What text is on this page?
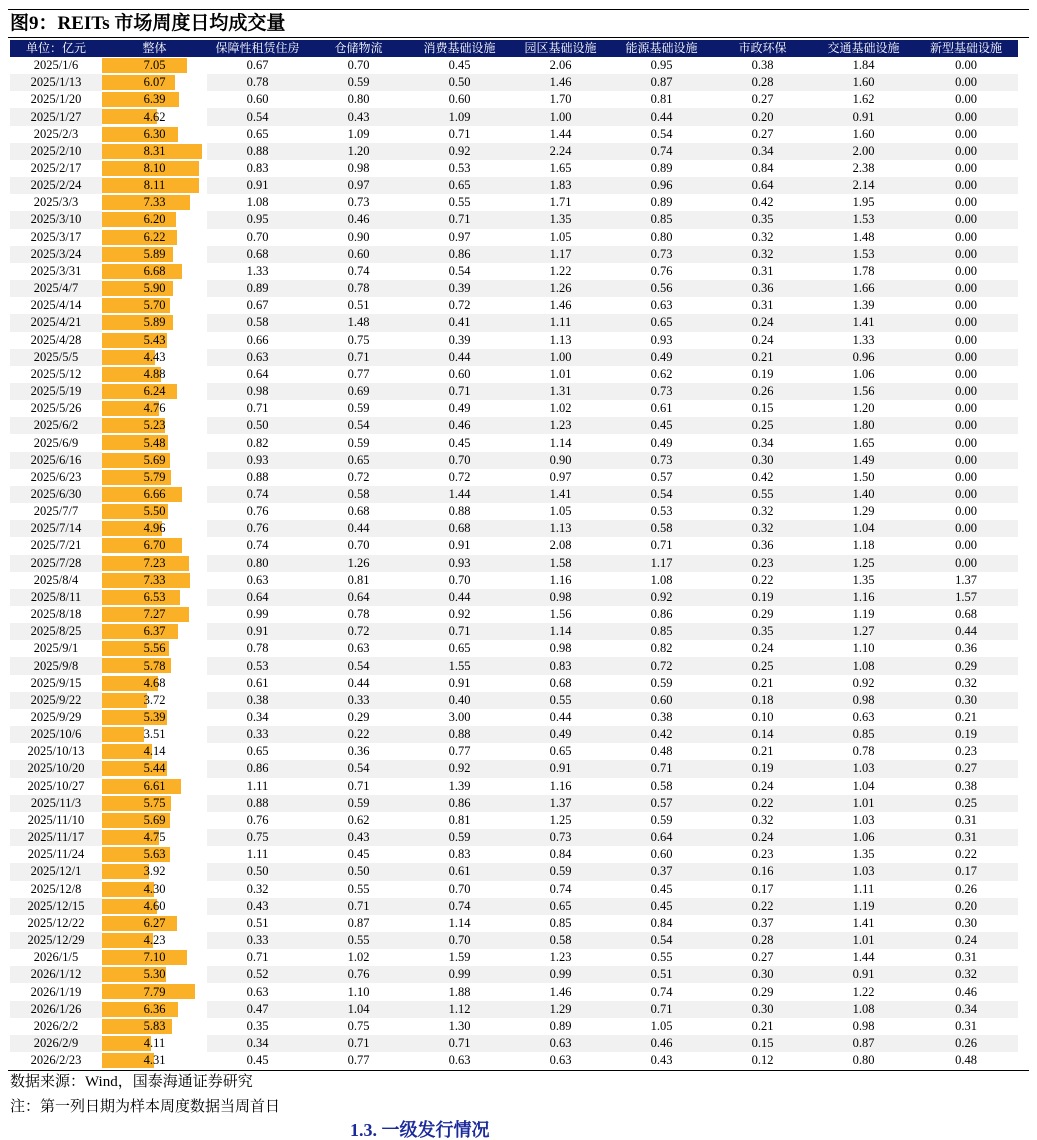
图9：REITs 市场周度日均成交量
单位：亿元	整体	保障性租赁住房	仓储物流	消费基础设施	园区基础设施	能源基础设施	市政环保	交通基础设施	新型基础设施
2025/1/6	7.05	0.67	0.70	0.45	2.06	0.95	0.38	1.84	0.00
2025/1/13	6.07	0.78	0.59	0.50	1.46	0.87	0.28	1.60	0.00
2025/1/20	6.39	0.60	0.80	0.60	1.70	0.81	0.27	1.62	0.00
2025/1/27	4.62	0.54	0.43	1.09	1.00	0.44	0.20	0.91	0.00
2025/2/3	6.30	0.65	1.09	0.71	1.44	0.54	0.27	1.60	0.00
2025/2/10	8.31	0.88	1.20	0.92	2.24	0.74	0.34	2.00	0.00
2025/2/17	8.10	0.83	0.98	0.53	1.65	0.89	0.84	2.38	0.00
2025/2/24	8.11	0.91	0.97	0.65	1.83	0.96	0.64	2.14	0.00
2025/3/3	7.33	1.08	0.73	0.55	1.71	0.89	0.42	1.95	0.00
2025/3/10	6.20	0.95	0.46	0.71	1.35	0.85	0.35	1.53	0.00
2025/3/17	6.22	0.70	0.90	0.97	1.05	0.80	0.32	1.48	0.00
2025/3/24	5.89	0.68	0.60	0.86	1.17	0.73	0.32	1.53	0.00
2025/3/31	6.68	1.33	0.74	0.54	1.22	0.76	0.31	1.78	0.00
2025/4/7	5.90	0.89	0.78	0.39	1.26	0.56	0.36	1.66	0.00
2025/4/14	5.70	0.67	0.51	0.72	1.46	0.63	0.31	1.39	0.00
2025/4/21	5.89	0.58	1.48	0.41	1.11	0.65	0.24	1.41	0.00
2025/4/28	5.43	0.66	0.75	0.39	1.13	0.93	0.24	1.33	0.00
2025/5/5	4.43	0.63	0.71	0.44	1.00	0.49	0.21	0.96	0.00
2025/5/12	4.88	0.64	0.77	0.60	1.01	0.62	0.19	1.06	0.00
2025/5/19	6.24	0.98	0.69	0.71	1.31	0.73	0.26	1.56	0.00
2025/5/26	4.76	0.71	0.59	0.49	1.02	0.61	0.15	1.20	0.00
2025/6/2	5.23	0.50	0.54	0.46	1.23	0.45	0.25	1.80	0.00
2025/6/9	5.48	0.82	0.59	0.45	1.14	0.49	0.34	1.65	0.00
2025/6/16	5.69	0.93	0.65	0.70	0.90	0.73	0.30	1.49	0.00
2025/6/23	5.79	0.88	0.72	0.72	0.97	0.57	0.42	1.50	0.00
2025/6/30	6.66	0.74	0.58	1.44	1.41	0.54	0.55	1.40	0.00
2025/7/7	5.50	0.76	0.68	0.88	1.05	0.53	0.32	1.29	0.00
2025/7/14	4.96	0.76	0.44	0.68	1.13	0.58	0.32	1.04	0.00
2025/7/21	6.70	0.74	0.70	0.91	2.08	0.71	0.36	1.18	0.00
2025/7/28	7.23	0.80	1.26	0.93	1.58	1.17	0.23	1.25	0.00
2025/8/4	7.33	0.63	0.81	0.70	1.16	1.08	0.22	1.35	1.37
2025/8/11	6.53	0.64	0.64	0.44	0.98	0.92	0.19	1.16	1.57
2025/8/18	7.27	0.99	0.78	0.92	1.56	0.86	0.29	1.19	0.68
2025/8/25	6.37	0.91	0.72	0.71	1.14	0.85	0.35	1.27	0.44
2025/9/1	5.56	0.78	0.63	0.65	0.98	0.82	0.24	1.10	0.36
2025/9/8	5.78	0.53	0.54	1.55	0.83	0.72	0.25	1.08	0.29
2025/9/15	4.68	0.61	0.44	0.91	0.68	0.59	0.21	0.92	0.32
2025/9/22	3.72	0.38	0.33	0.40	0.55	0.60	0.18	0.98	0.30
2025/9/29	5.39	0.34	0.29	3.00	0.44	0.38	0.10	0.63	0.21
2025/10/6	3.51	0.33	0.22	0.88	0.49	0.42	0.14	0.85	0.19
2025/10/13	4.14	0.65	0.36	0.77	0.65	0.48	0.21	0.78	0.23
2025/10/20	5.44	0.86	0.54	0.92	0.91	0.71	0.19	1.03	0.27
2025/10/27	6.61	1.11	0.71	1.39	1.16	0.58	0.24	1.04	0.38
2025/11/3	5.75	0.88	0.59	0.86	1.37	0.57	0.22	1.01	0.25
2025/11/10	5.69	0.76	0.62	0.81	1.25	0.59	0.32	1.03	0.31
2025/11/17	4.75	0.75	0.43	0.59	0.73	0.64	0.24	1.06	0.31
2025/11/24	5.63	1.11	0.45	0.83	0.84	0.60	0.23	1.35	0.22
2025/12/1	3.92	0.50	0.50	0.61	0.59	0.37	0.16	1.03	0.17
2025/12/8	4.30	0.32	0.55	0.70	0.74	0.45	0.17	1.11	0.26
2025/12/15	4.60	0.43	0.71	0.74	0.65	0.45	0.22	1.19	0.20
2025/12/22	6.27	0.51	0.87	1.14	0.85	0.84	0.37	1.41	0.30
2025/12/29	4.23	0.33	0.55	0.70	0.58	0.54	0.28	1.01	0.24
2026/1/5	7.10	0.71	1.02	1.59	1.23	0.55	0.27	1.44	0.31
2026/1/12	5.30	0.52	0.76	0.99	0.99	0.51	0.30	0.91	0.32
2026/1/19	7.79	0.63	1.10	1.88	1.46	0.74	0.29	1.22	0.46
2026/1/26	6.36	0.47	1.04	1.12	1.29	0.71	0.30	1.08	0.34
2026/2/2	5.83	0.35	0.75	1.30	0.89	1.05	0.21	0.98	0.31
2026/2/9	4.11	0.34	0.71	0.71	0.63	0.46	0.15	0.87	0.26
2026/2/23	4.31	0.45	0.77	0.63	0.63	0.43	0.12	0.80	0.48
数据来源：Wind，国泰海通证券研究
注：第一列日期为样本周度数据当周首日
1.3. 一级发行情况
